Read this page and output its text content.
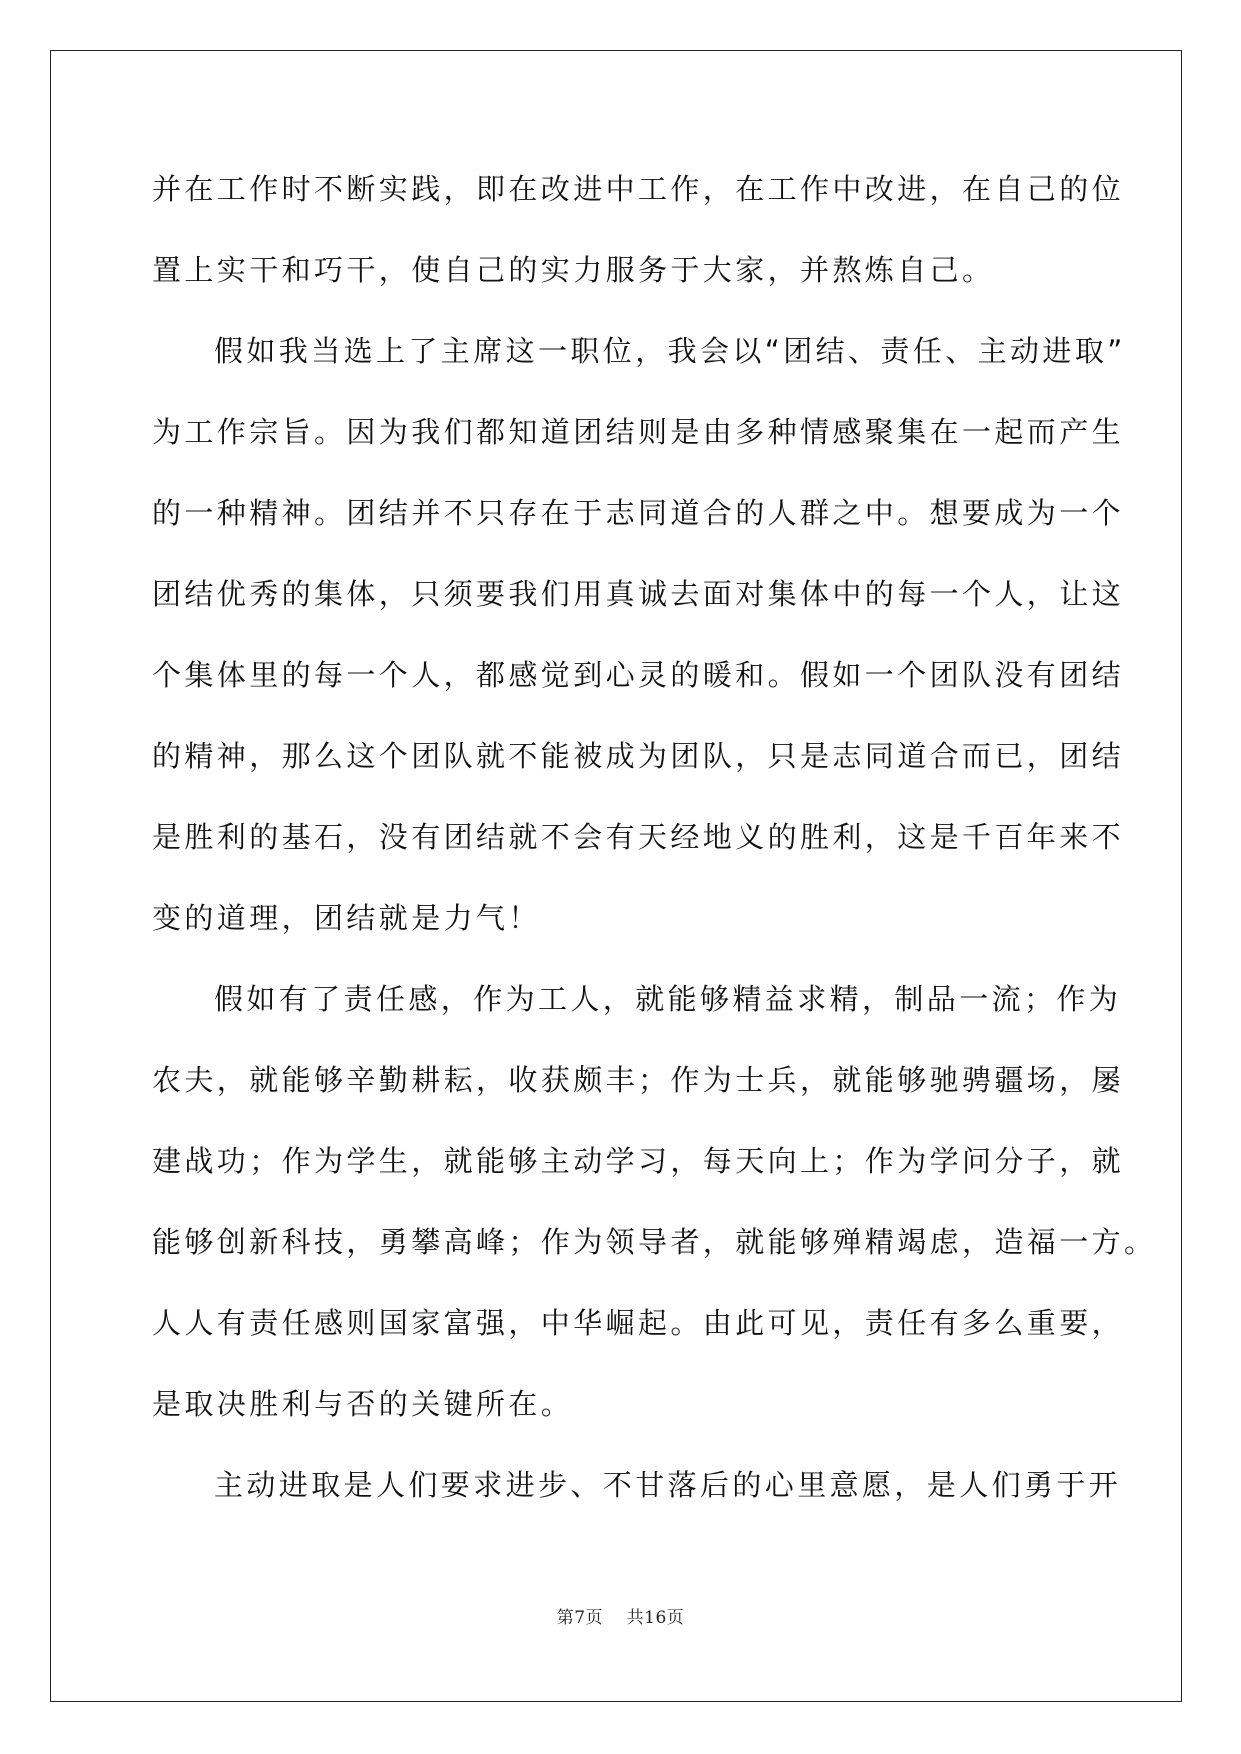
并在工作时不断实践，即在改进中工作，在工作中改进，在自己的位
置上实干和巧干，使自己的实力服务于大家，并熬炼自己。
假如我当选上了主席这一职位，我会以“团结、责任、主动进取”
为工作宗旨。因为我们都知道团结则是由多种情感聚集在一起而产生
的一种精神。团结并不只存在于志同道合的人群之中。想要成为一个
团结优秀的集体，只须要我们用真诚去面对集体中的每一个人，让这
个集体里的每一个人，都感觉到心灵的暖和。假如一个团队没有团结
的精神，那么这个团队就不能被成为团队，只是志同道合而已，团结
是胜利的基石，没有团结就不会有天经地义的胜利，这是千百年来不
变的道理，团结就是力气！
假如有了责任感，作为工人，就能够精益求精，制品一流；作为
农夫，就能够辛勤耕耘，收获颇丰；作为士兵，就能够驰骋疆场，屡
建战功；作为学生，就能够主动学习，每天向上；作为学问分子，就
能够创新科技，勇攀高峰；作为领导者，就能够殚精竭虑，造福一方。
人人有责任感则国家富强，中华崛起。由此可见，责任有多么重要，
是取决胜利与否的关键所在。
主动进取是人们要求进步、不甘落后的心里意愿，是人们勇于开
第7页 共16页
